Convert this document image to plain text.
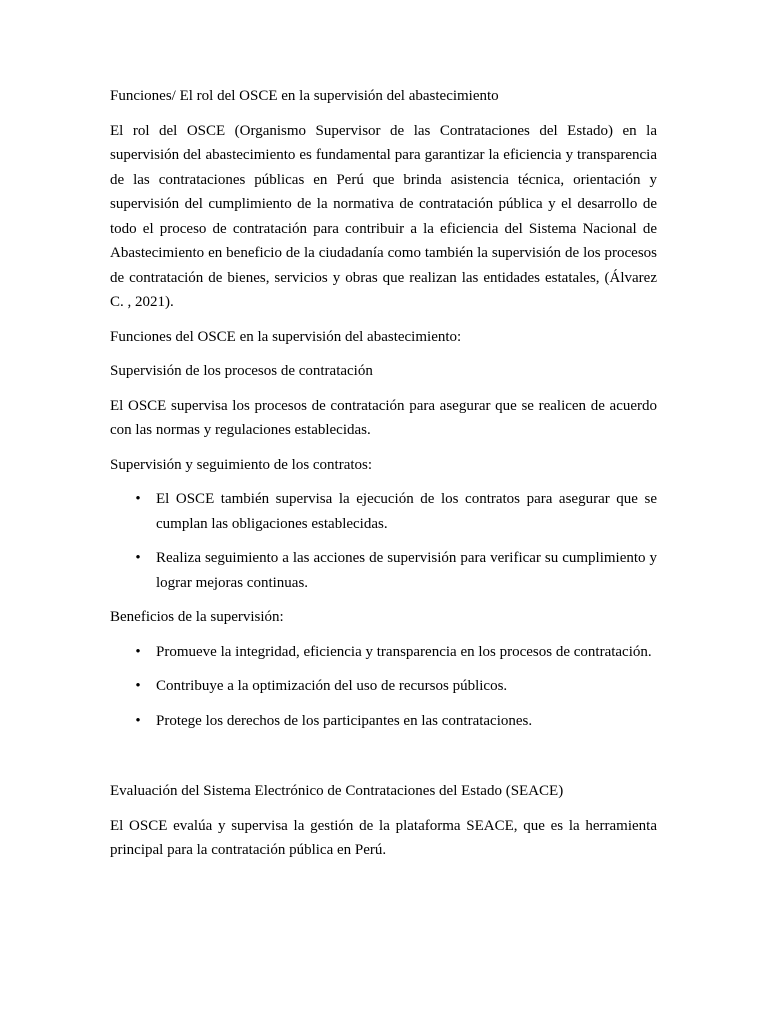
Funciones/ El rol del OSCE en la supervisión del abastecimiento

El rol del OSCE (Organismo Supervisor de las Contrataciones del Estado) en la supervisión del abastecimiento es fundamental para garantizar la eficiencia y transparencia de las contrataciones públicas en Perú que brinda asistencia técnica, orientación y supervisión del cumplimiento de la normativa de contratación pública y el desarrollo de todo el proceso de contratación para contribuir a la eficiencia del Sistema Nacional de Abastecimiento en beneficio de la ciudadanía como también la supervisión de los procesos de contratación de bienes, servicios y obras que realizan las entidades estatales, (Álvarez C. , 2021).

Funciones del OSCE en la supervisión del abastecimiento:

Supervisión de los procesos de contratación

El OSCE supervisa los procesos de contratación para asegurar que se realicen de acuerdo con las normas y regulaciones establecidas.

Supervisión y seguimiento de los contratos:

• El OSCE también supervisa la ejecución de los contratos para asegurar que se cumplan las obligaciones establecidas.
• Realiza seguimiento a las acciones de supervisión para verificar su cumplimiento y lograr mejoras continuas.

Beneficios de la supervisión:

• Promueve la integridad, eficiencia y transparencia en los procesos de contratación.
• Contribuye a la optimización del uso de recursos públicos.
• Protege los derechos de los participantes en las contrataciones.

Evaluación del Sistema Electrónico de Contrataciones del Estado (SEACE)

El OSCE evalúa y supervisa la gestión de la plataforma SEACE, que es la herramienta principal para la contratación pública en Perú.
